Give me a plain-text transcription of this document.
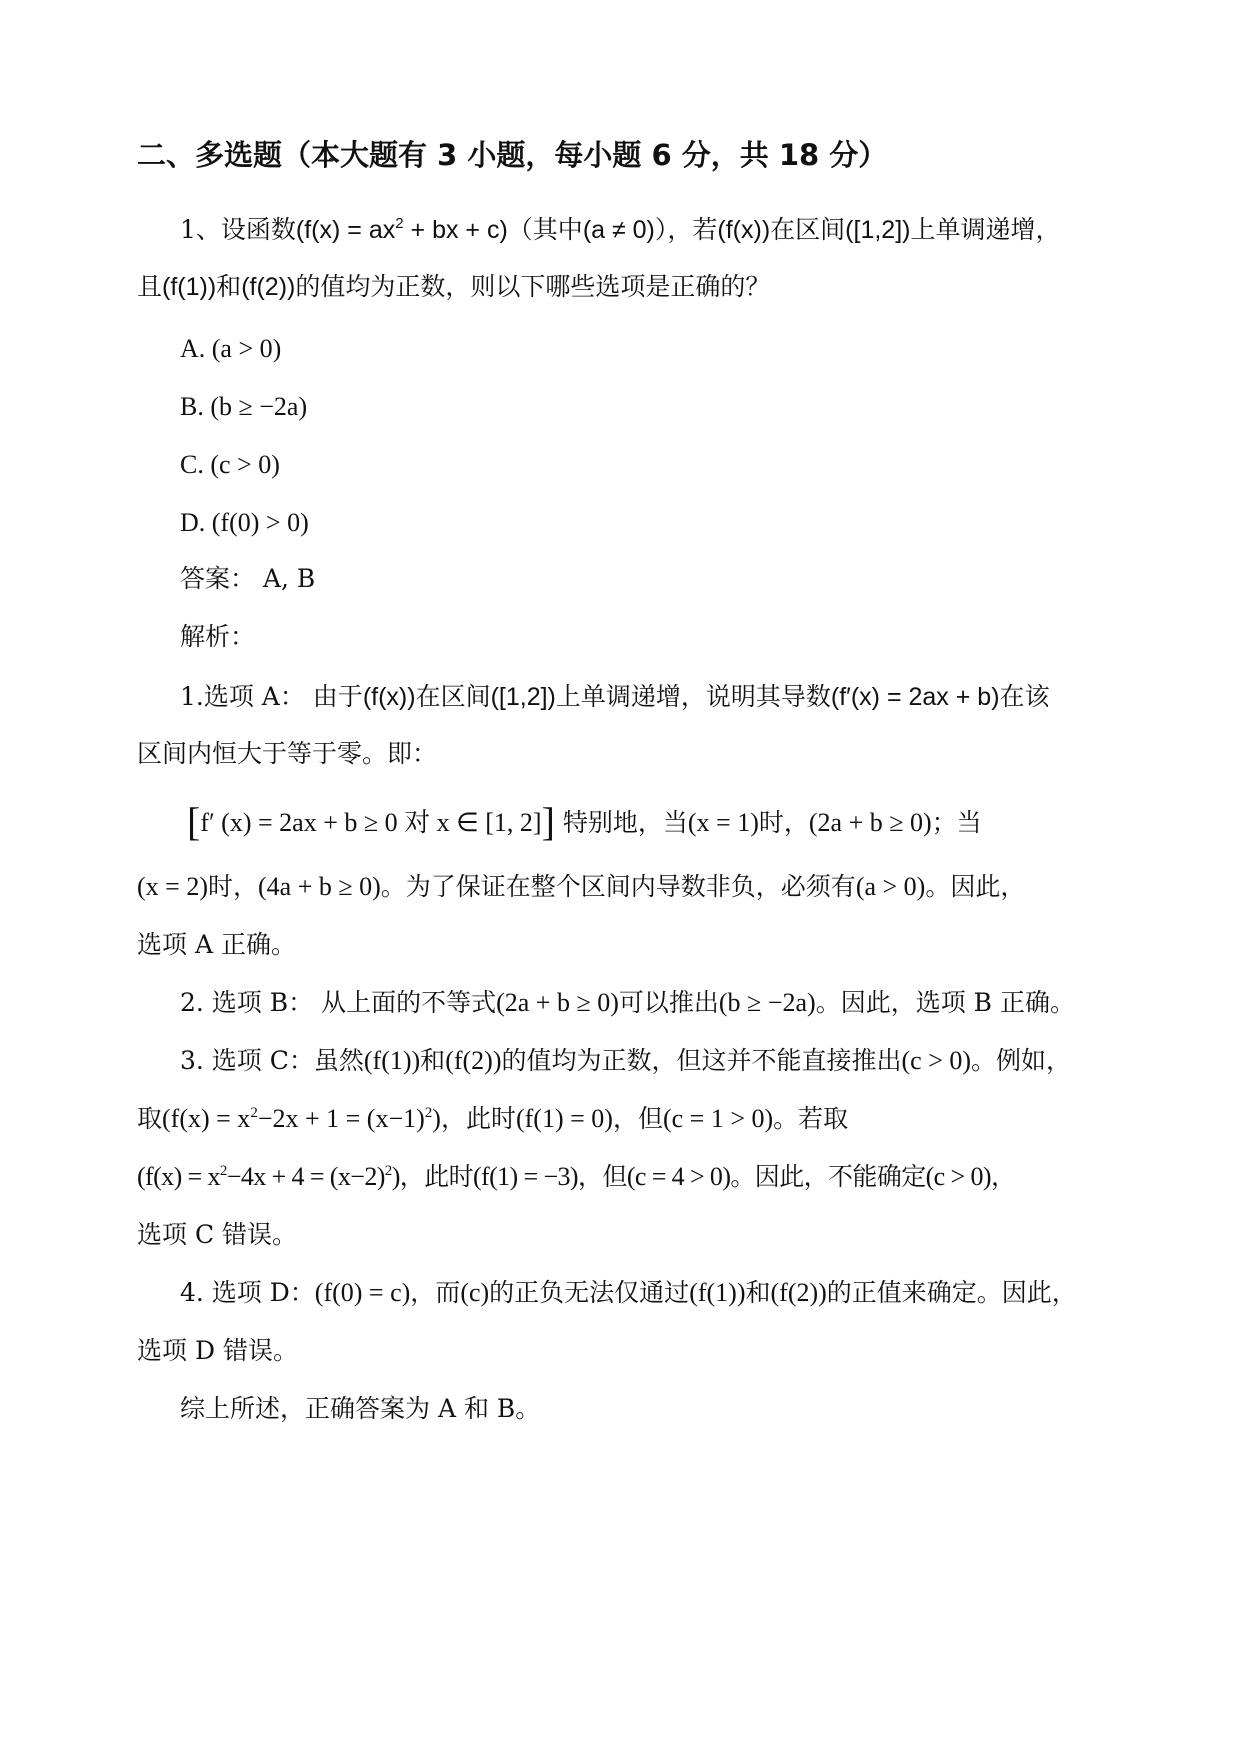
二、多选题（本大题有 3 小题，每小题 6 分，共 18 分）
1、设函数($f(x) = ax^2$ + bx + c)（其中(a ≠ 0)），若(f(x))在区间([1,2])上单调递增，
且(f(1))和(f(2))的值均为正数，则以下哪些选项是正确的？
A. (a > 0)
B. (b ≥ −2a)
C. (c > 0)
D. (f(0) > 0)
答案： A, B
解析：
1.选项 A： 由于(f(x))在区间([1,2])上单调递增，说明其导数(f′(x) = 2ax + b)在该
区间内恒大于等于零。即：
[f′ (x) = 2ax + b ≥ 0 对 x ∈ [1, 2]] 特别地，当(x = 1)时，(2a + b ≥ 0)；当
(x = 2)时，(4a + b ≥ 0)。为了保证在整个区间内导数非负，必须有(a > 0)。因此，
选项 A 正确。
2. 选项 B： 从上面的不等式(2a + b ≥ 0)可以推出(b ≥ −2a)。因此，选项 B 正确。
3. 选项 C：虽然(f(1))和(f(2))的值均为正数，但这并不能直接推出(c > 0)。例如，
取$(f(x) = x^2-2x + 1 = (x-1)^2)$，此时(f(1) = 0)，但(c = 1 > 0)。若取
$(f(x) = x^2-4x + 4 = (x-2)^2)$，此时(f(1) = −3)，但(c = 4 > 0)。因此，不能确定(c > 0)，
选项 C 错误。
4. 选项 D：(f(0) = c)，而(c)的正负无法仅通过(f(1))和(f(2))的正值来确定。因此，
选项 D 错误。
综上所述，正确答案为 A 和 B。
